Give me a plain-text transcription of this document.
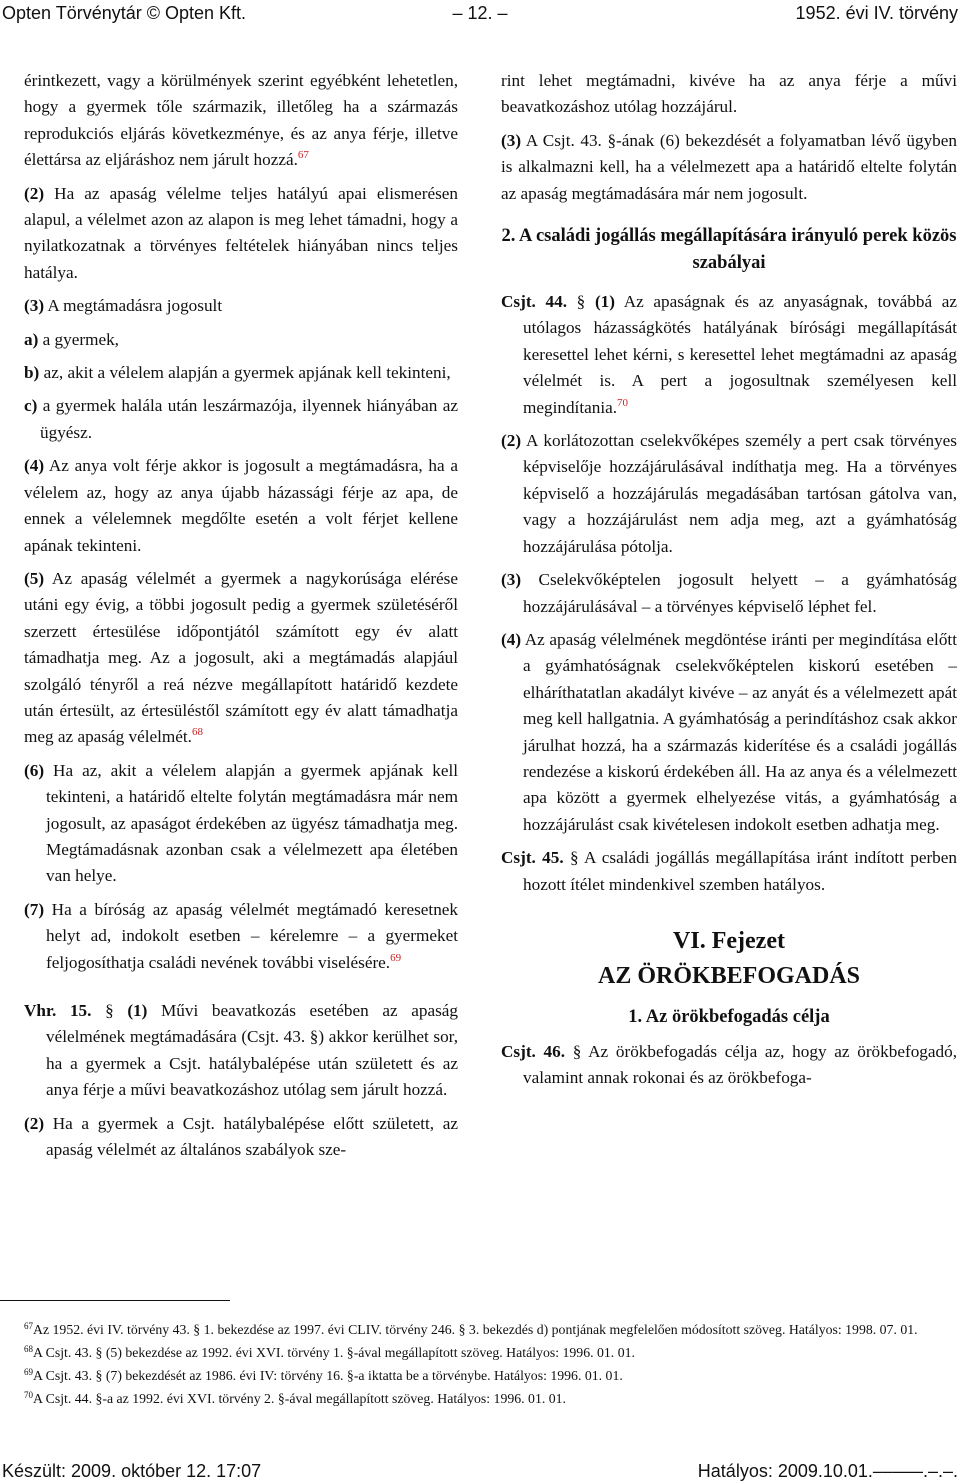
Opten Törvénytár © Opten Kft.	– 12. –	1952. évi IV. törvény

érintkezett, vagy a körülmények szerint egyébként lehetetlen, hogy a gyermek tőle származik, illetőleg ha a származás reprodukciós eljárás következménye, és az anya férje, illetve élettársa az eljáráshoz nem járult hozzá.$^{67}$

(2) Ha az apaság vélelme teljes hatályú apai elismerésen alapul, a vélelmet azon az alapon is meg lehet támadni, hogy a nyilatkozatnak a törvényes feltételek hiányában nincs teljes hatálya.

(3) A megtámadásra jogosult

a) a gyermek,

b) az, akit a vélelem alapján a gyermek apjának kell tekinteni,

c) a gyermek halála után leszármazója, ilyennek hiányában az ügyész.

(4) Az anya volt férje akkor is jogosult a megtámadásra, ha a vélelem az, hogy az anya újabb házassági férje az apa, de ennek a vélelemnek megdőlte esetén a volt férjet kellene apának tekinteni.

(5) Az apaság vélelmét a gyermek a nagykorúsága elérése utáni egy évig, a többi jogosult pedig a gyermek születéséről szerzett értesülése időpontjától számított egy év alatt támadhatja meg. Az a jogosult, aki a megtámadás alapjául szolgáló tényről a reá nézve megállapított határidő kezdete után értesült, az értesüléstől számított egy év alatt támadhatja meg az apaság vélelmét.$^{68}$

(6) Ha az, akit a vélelem alapján a gyermek apjának kell tekinteni, a határidő eltelte folytán megtámadásra már nem jogosult, az apaságot érdekében az ügyész támadhatja meg. Megtámadásnak azonban csak a vélelmezett apa életében van helye.

(7) Ha a bíróság az apaság vélelmét megtámadó keresetnek helyt ad, indokolt esetben – kérelemre – a gyermeket feljogosíthatja családi nevének további viselésére.$^{69}$

Vhr. 15. § (1) Művi beavatkozás esetében az apaság vélelmének megtámadására (Csjt. 43. §) akkor kerülhet sor, ha a gyermek a Csjt. hatálybalépése után született és az anya férje a művi beavatkozáshoz utólag sem járult hozzá.

(2) Ha a gyermek a Csjt. hatálybalépése előtt született, az apaság vélelmét az általános szabályok sze-

rint lehet megtámadni, kivéve ha az anya férje a művi beavatkozáshoz utólag hozzájárul.

(3) A Csjt. 43. §-ának (6) bekezdését a folyamatban lévő ügyben is alkalmazni kell, ha a vélelmezett apa a határidő eltelte folytán az apaság megtámadására már nem jogosult.

2. A családi jogállás megállapítására irányuló perek közös szabályai

Csjt. 44. § (1) Az apaságnak és az anyaságnak, továbbá az utólagos házasságkötés hatályának bírósági megállapítását keresettel lehet kérni, s keresettel lehet megtámadni az apaság vélelmét is. A pert a jogosultnak személyesen kell megindítania.$^{70}$

(2) A korlátozottan cselekvőképes személy a pert csak törvényes képviselője hozzájárulásával indíthatja meg. Ha a törvényes képviselő a hozzájárulás megadásában tartósan gátolva van, vagy a hozzájárulást nem adja meg, azt a gyámhatóság hozzájárulása pótolja.

(3) Cselekvőképtelen jogosult helyett – a gyámhatóság hozzájárulásával – a törvényes képviselő léphet fel.

(4) Az apaság vélelmének megdöntése iránti per megindítása előtt a gyámhatóságnak cselekvőképtelen kiskorú esetében – elháríthatatlan akadályt kivéve – az anyát és a vélelmezett apát meg kell hallgatnia. A gyámhatóság a perindításhoz csak akkor járulhat hozzá, ha a származás kiderítése és a családi jogállás rendezése a kiskorú érdekében áll. Ha az anya és a vélelmezett apa között a gyermek elhelyezése vitás, a gyámhatóság a hozzájárulást csak kivételesen indokolt esetben adhatja meg.

Csjt. 45. § A családi jogállás megállapítása iránt indított perben hozott ítélet mindenkivel szemben hatályos.

VI. Fejezet
AZ ÖRÖKBEFOGADÁS

1. Az örökbefogadás célja

Csjt. 46. § Az örökbefogadás célja az, hogy az örökbefogadó, valamint annak rokonai és az örökbefoga-

$^{67}$Az 1952. évi IV. törvény 43. § 1. bekezdése az 1997. évi CLIV. törvény 246. § 3. bekezdés d) pontjának megfelelően módosított szöveg. Hatályos: 1998. 07. 01.

$^{68}$A Csjt. 43. § (5) bekezdése az 1992. évi XVI. törvény 1. §-ával megállapított szöveg. Hatályos: 1996. 01. 01.

$^{69}$A Csjt. 43. § (7) bekezdését az 1986. évi IV: törvény 16. §-a iktatta be a törvénybe. Hatályos: 1996. 01. 01.

$^{70}$A Csjt. 44. §-a az 1992. évi XVI. törvény 2. §-ával megállapított szöveg. Hatályos: 1996. 01. 01.

Készült: 2009. október 12. 17:07	Hatályos: 2009.10.01.–––––.–.–.
